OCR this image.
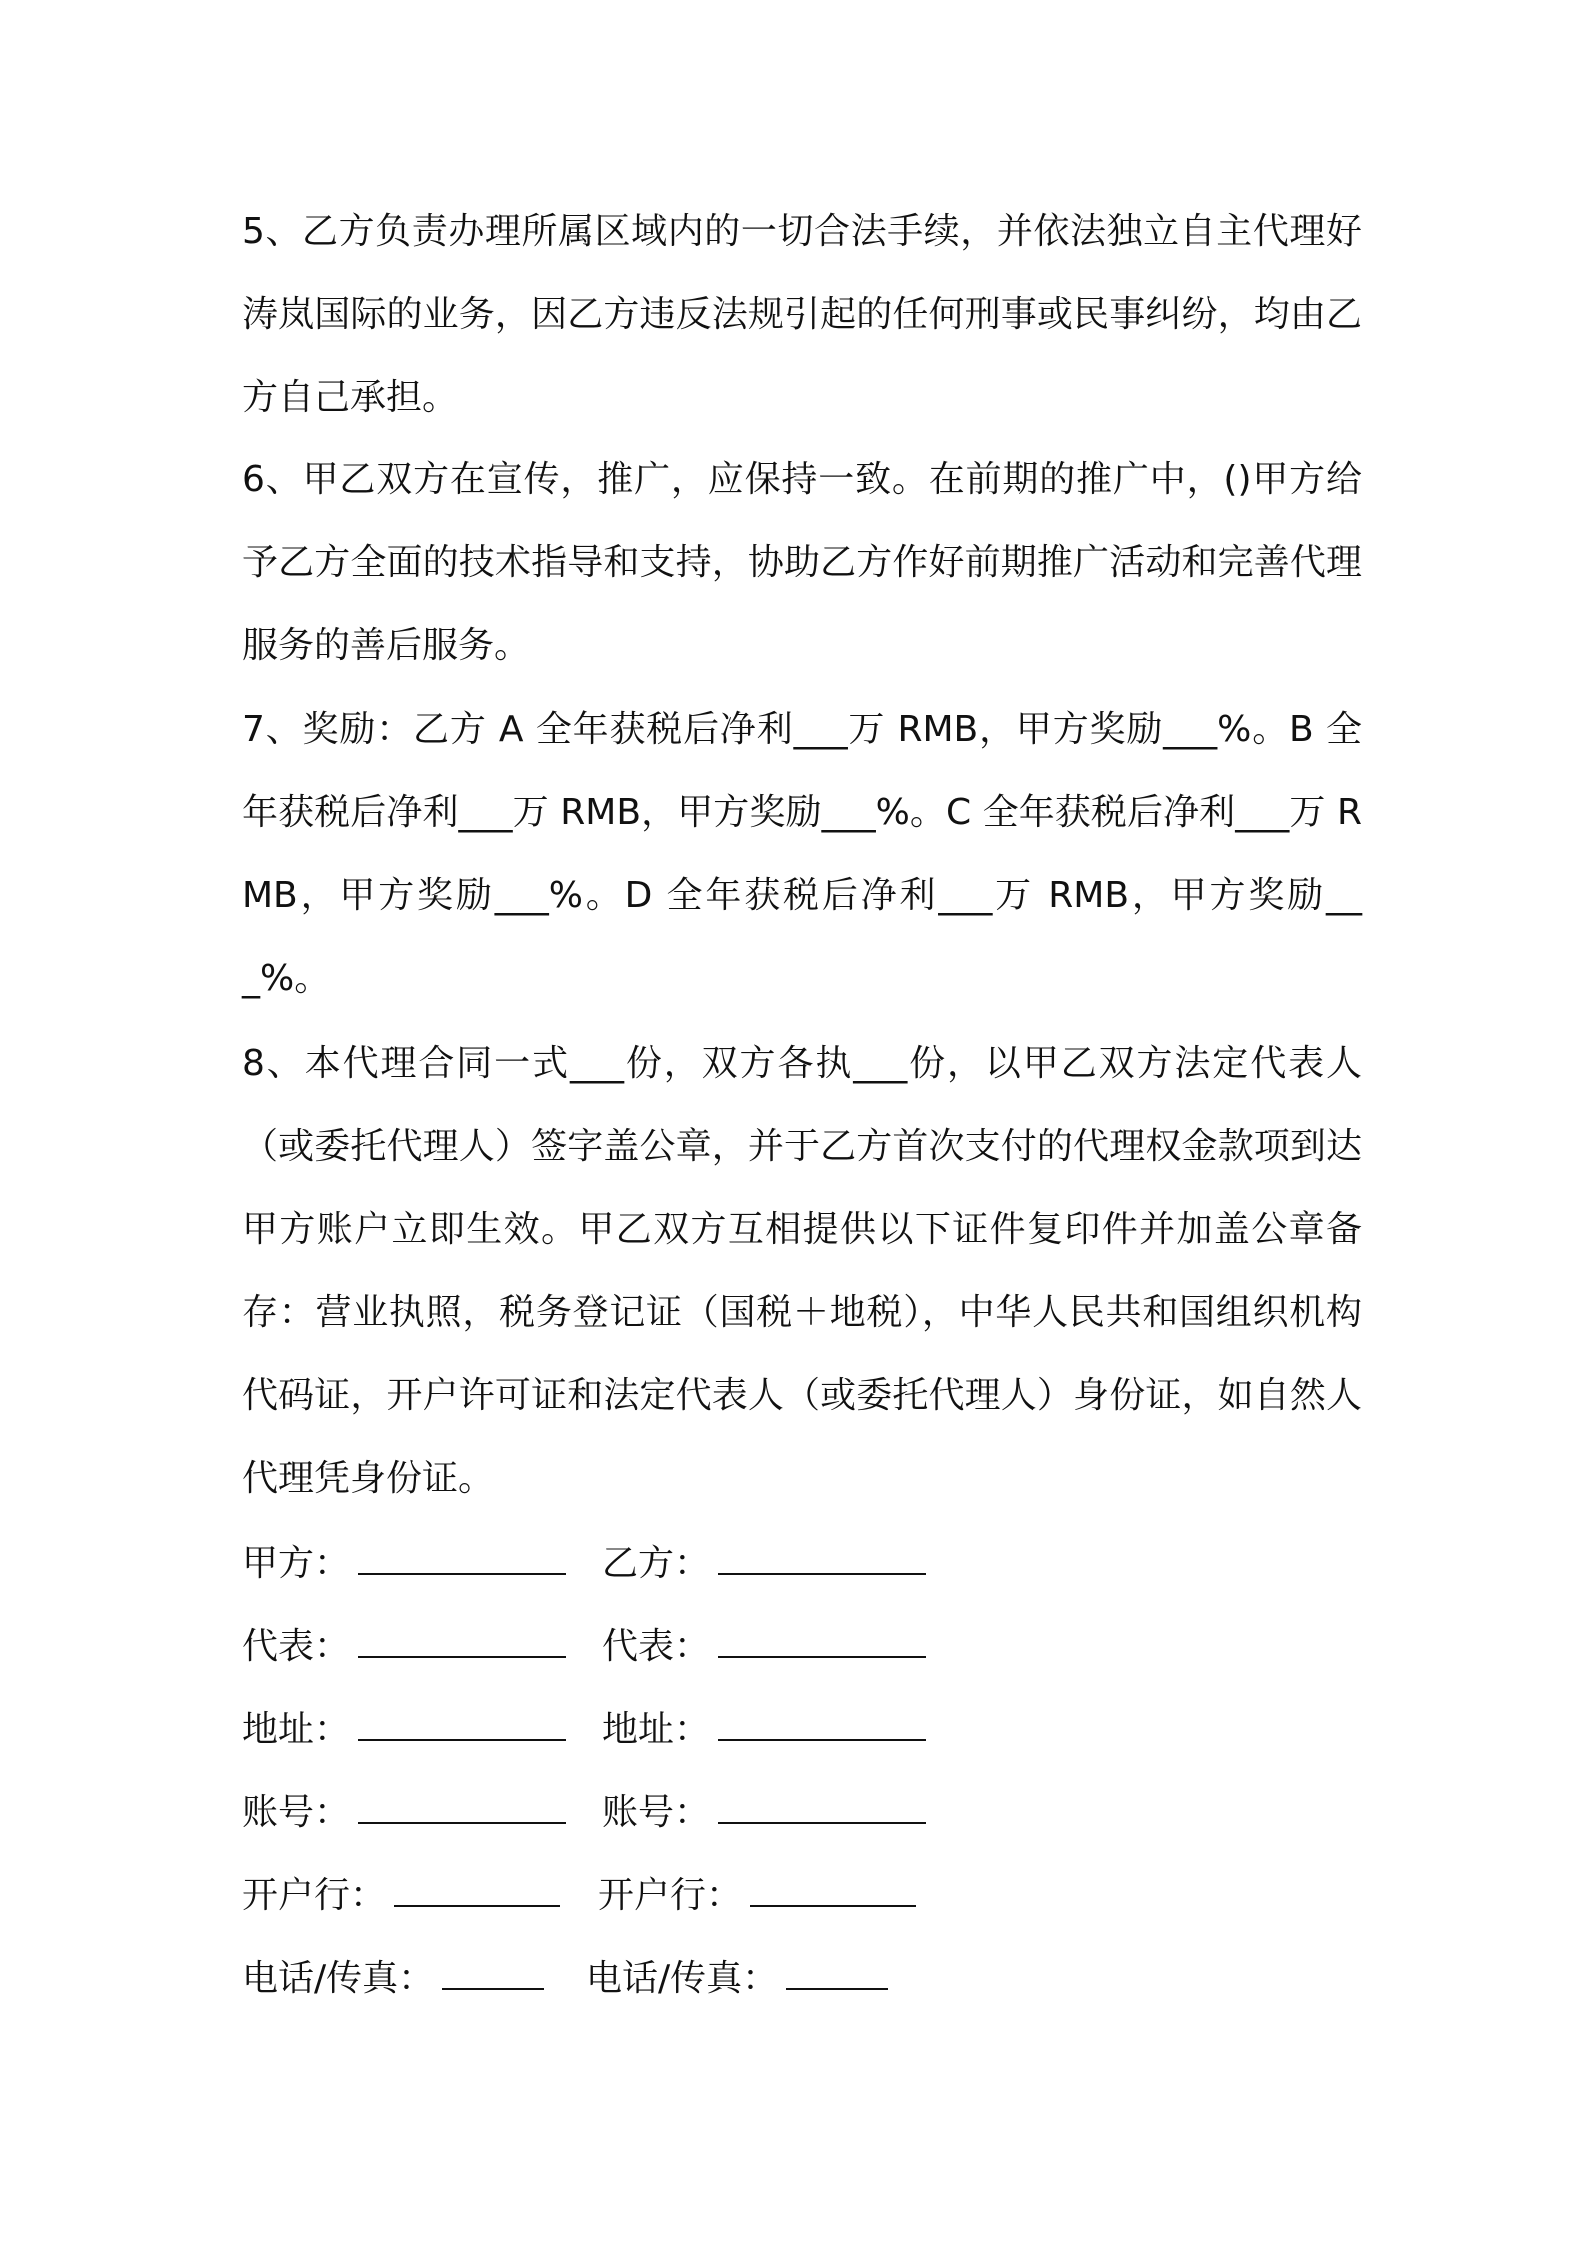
5、乙方负责办理所属区域内的一切合法手续，并依法独立自主代理好涛岚国际的业务，因乙方违反法规引起的任何刑事或民事纠纷，均由乙方自己承担。

6、甲乙双方在宣传，推广，应保持一致。在前期的推广中，()甲方给予乙方全面的技术指导和支持，协助乙方作好前期推广活动和完善代理服务的善后服务。

7、奖励：乙方 A 全年获税后净利___万 RMB，甲方奖励___%。B 全年获税后净利___万 RMB，甲方奖励___%。C 全年获税后净利___万 RMB，甲方奖励___%。D 全年获税后净利___万 RMB，甲方奖励___%。

8、本代理合同一式___份，双方各执___份，以甲乙双方法定代表人（或委托代理人）签字盖公章，并于乙方首次支付的代理权金款项到达甲方账户立即生效。甲乙双方互相提供以下证件复印件并加盖公章备存：营业执照，税务登记证（国税＋地税），中华人民共和国组织机构代码证，开户许可证和法定代表人（或委托代理人）身份证，如自然人代理凭身份证。

甲方：	乙方：
代表：	代表：
地址：	地址：
账号：	账号：
开户行：	开户行：
电话/传真：	电话/传真：
